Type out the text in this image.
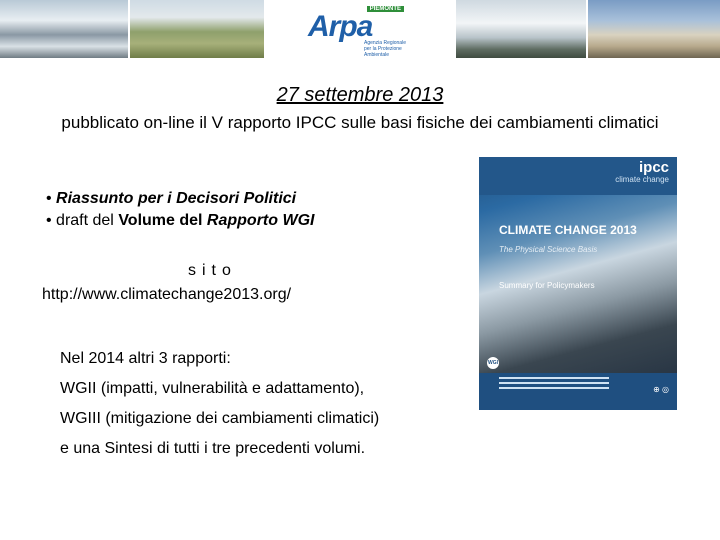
PIEMONTE
Arpa
Agenzia Regionale per la Protezione Ambientale
27 settembre 2013
pubblicato on-line il V rapporto IPCC sulle basi fisiche dei cambiamenti climatici
• Riassunto per i Decisori Politici
• draft del Volume del Rapporto WGI
sito
http://www.climatechange2013.org/
Nel 2014 altri 3 rapporti:
WGII (impatti, vulnerabilità e adattamento),
WGIII (mitigazione dei cambiamenti climatici)
e una Sintesi di tutti i tre precedenti volumi.
ipcc
climate change
CLIMATE CHANGE 2013
The Physical Science Basis
Summary for Policymakers
WGI
⊕ ◎
